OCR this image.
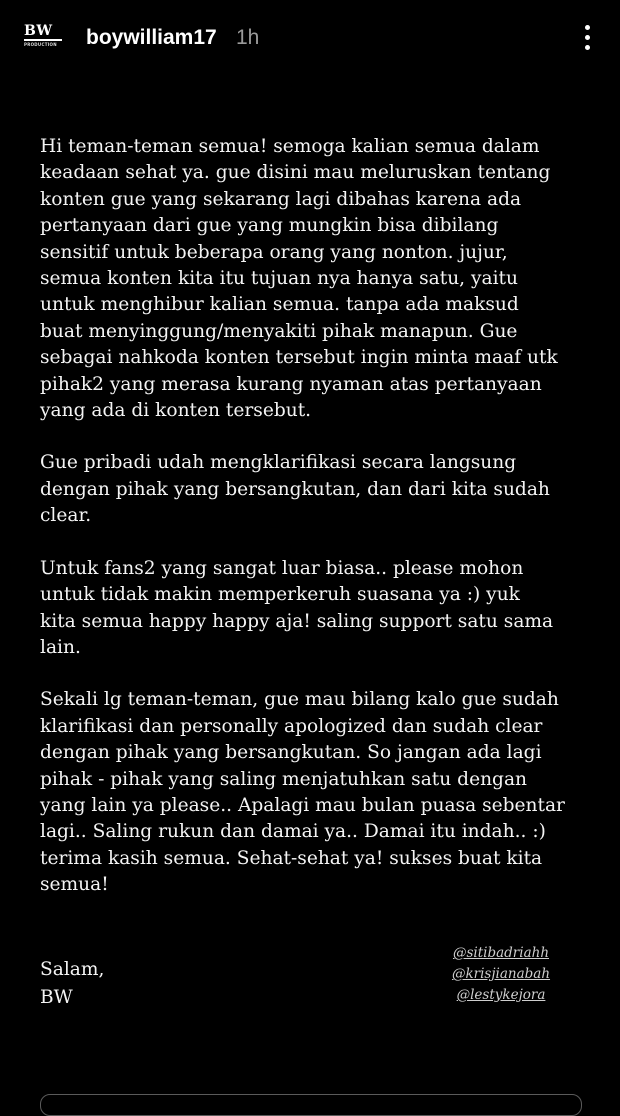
BW
PRODUCTION	boywilliam17 1h

Hi teman-teman semua! semoga kalian semua dalam
keadaan sehat ya. gue disini mau meluruskan tentang
konten gue yang sekarang lagi dibahas karena ada
pertanyaan dari gue yang mungkin bisa dibilang
sensitif untuk beberapa orang yang nonton. jujur,
semua konten kita itu tujuan nya hanya satu, yaitu
untuk menghibur kalian semua. tanpa ada maksud
buat menyinggung/menyakiti pihak manapun. Gue
sebagai nahkoda konten tersebut ingin minta maaf utk
pihak2 yang merasa kurang nyaman atas pertanyaan
yang ada di konten tersebut.

Gue pribadi udah mengklarifikasi secara langsung
dengan pihak yang bersangkutan, dan dari kita sudah
clear.

Untuk fans2 yang sangat luar biasa.. please mohon
untuk tidak makin memperkeruh suasana ya :) yuk
kita semua happy happy aja! saling support satu sama
lain.

Sekali lg teman-teman, gue mau bilang kalo gue sudah
klarifikasi dan personally apologized dan sudah clear
dengan pihak yang bersangkutan. So jangan ada lagi
pihak - pihak yang saling menjatuhkan satu dengan
yang lain ya please.. Apalagi mau bulan puasa sebentar
lagi.. Saling rukun dan damai ya.. Damai itu indah.. :)
terima kasih semua. Sehat-sehat ya! sukses buat kita
semua!

Salam,
BW
@sitibadriahh
@krisjianabah
@lestykejora
